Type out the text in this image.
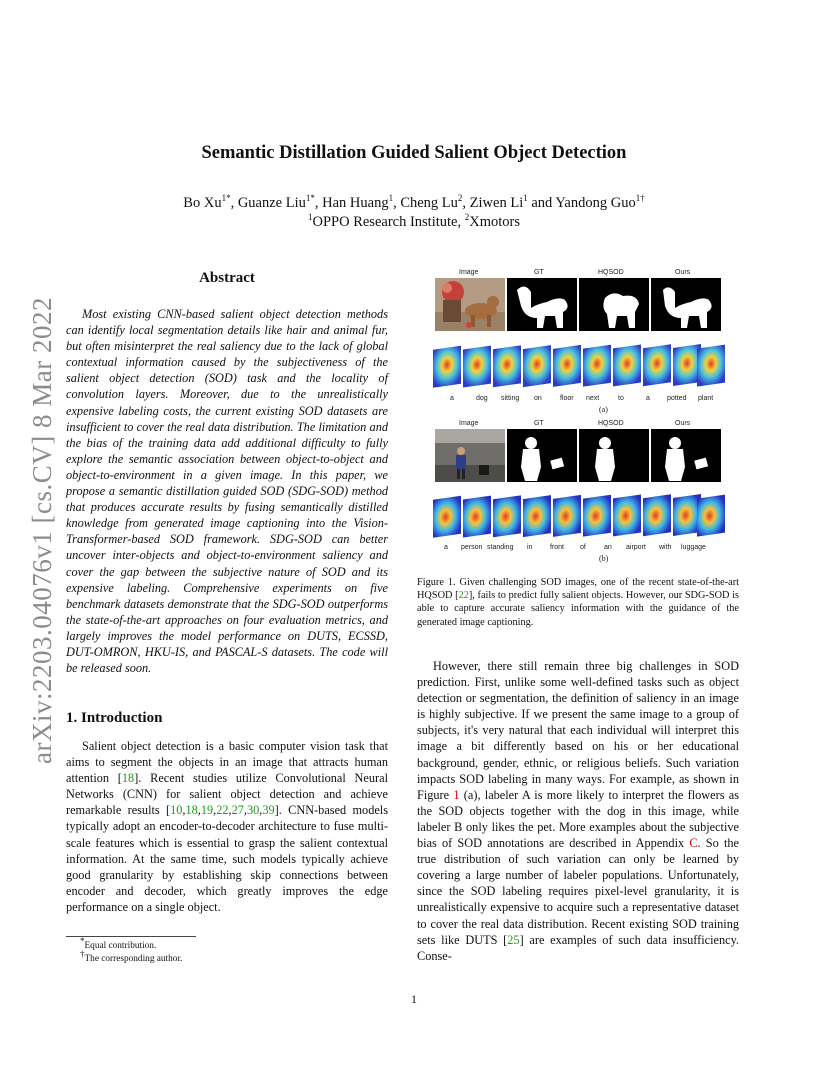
arXiv:2203.04076v1 [cs.CV] 8 Mar 2022
Semantic Distillation Guided Salient Object Detection
Bo $Xu^{1*}$, Guanze Liu$^{1*}$, Han Huang$^1$, Cheng Lu$^2$, Ziwen Li$^1$ and Yandong Guo$^{1\dagger}$
$^1$OPPO Research Institute, $^2$Xmotors
Abstract

Most existing CNN-based salient object detection methods can identify local segmentation details like hair and animal fur, but often misinterpret the real saliency due to the lack of global contextual information caused by the subjectiveness of the salient object detection (SOD) task and the locality of convolution layers. Moreover, due to the unrealistically expensive labeling costs, the current existing SOD datasets are insufficient to cover the real data distribution. The limitation and the bias of the training data add additional difficulty to fully explore the semantic association between object-to-object and object-to-environment in a given image. In this paper, we propose a semantic distillation guided SOD (SDG-SOD) method that produces accurate results by fusing semantically distilled knowledge from generated image captioning into the Vision-Transformer-based SOD framework. SDG-SOD can better uncover inter-objects and object-to-environment saliency and cover the gap between the subjective nature of SOD and its expensive labeling. Comprehensive experiments on five benchmark datasets demonstrate that the SDG-SOD outperforms the state-of-the-art approaches on four evaluation metrics, and largely improves the model performance on DUTS, ECSSD, DUT-OMRON, HKU-IS, and PASCAL-S datasets. The code will be released soon.

1. Introduction

Salient object detection is a basic computer vision task that aims to segment the objects in an image that attracts human attention [18]. Recent studies utilize Convolutional Neural Networks (CNN) for salient object detection and achieve remarkable results [10,18,19,22,27,30,39]. CNN-based models typically adopt an encoder-to-decoder architecture to fuse multi-scale features which is essential to grasp the salient contextual information. At the same time, such models typically achieve good granularity by establishing skip connections between encoder and decoder, which greatly improves the edge performance on a single object.

*Equal contribution.
†The corresponding author.
Image	GT	HQSOD	Ours
a	dog sitting on	floor next	to	a potted plant
(a)
Image	GT	HQSOD	Ours
a person standing in	front of	an airport with luggage
(b)

Figure 1. Given challenging SOD images, one of the recent state-of-the-art HQSOD [22], fails to predict fully salient objects. However, our SDG-SOD is able to capture accurate saliency information with the guidance of the generated image captioning.

However, there still remain three big challenges in SOD prediction. First, unlike some well-defined tasks such as object detection or segmentation, the definition of saliency in an image is highly subjective. If we present the same image to a group of subjects, it's very natural that each individual will interpret this image a bit differently based on his or her educational background, gender, ethnic, or religious beliefs. Such variation impacts SOD labeling in many ways. For example, as shown in Figure 1 (a), labeler A is more likely to interpret the flowers as the SOD objects together with the dog in this image, while labeler B only likes the pet. More examples about the subjective bias of SOD annotations are described in Appendix C. So the true distribution of such variation can only be learned by covering a large number of labeler populations. Unfortunately, since the SOD labeling requires pixel-level granularity, it is unrealistically expensive to acquire such a representative dataset to cover the real data distribution. Recent existing SOD training sets like DUTS [25] are examples of such data insufficiency. Conse-

1
